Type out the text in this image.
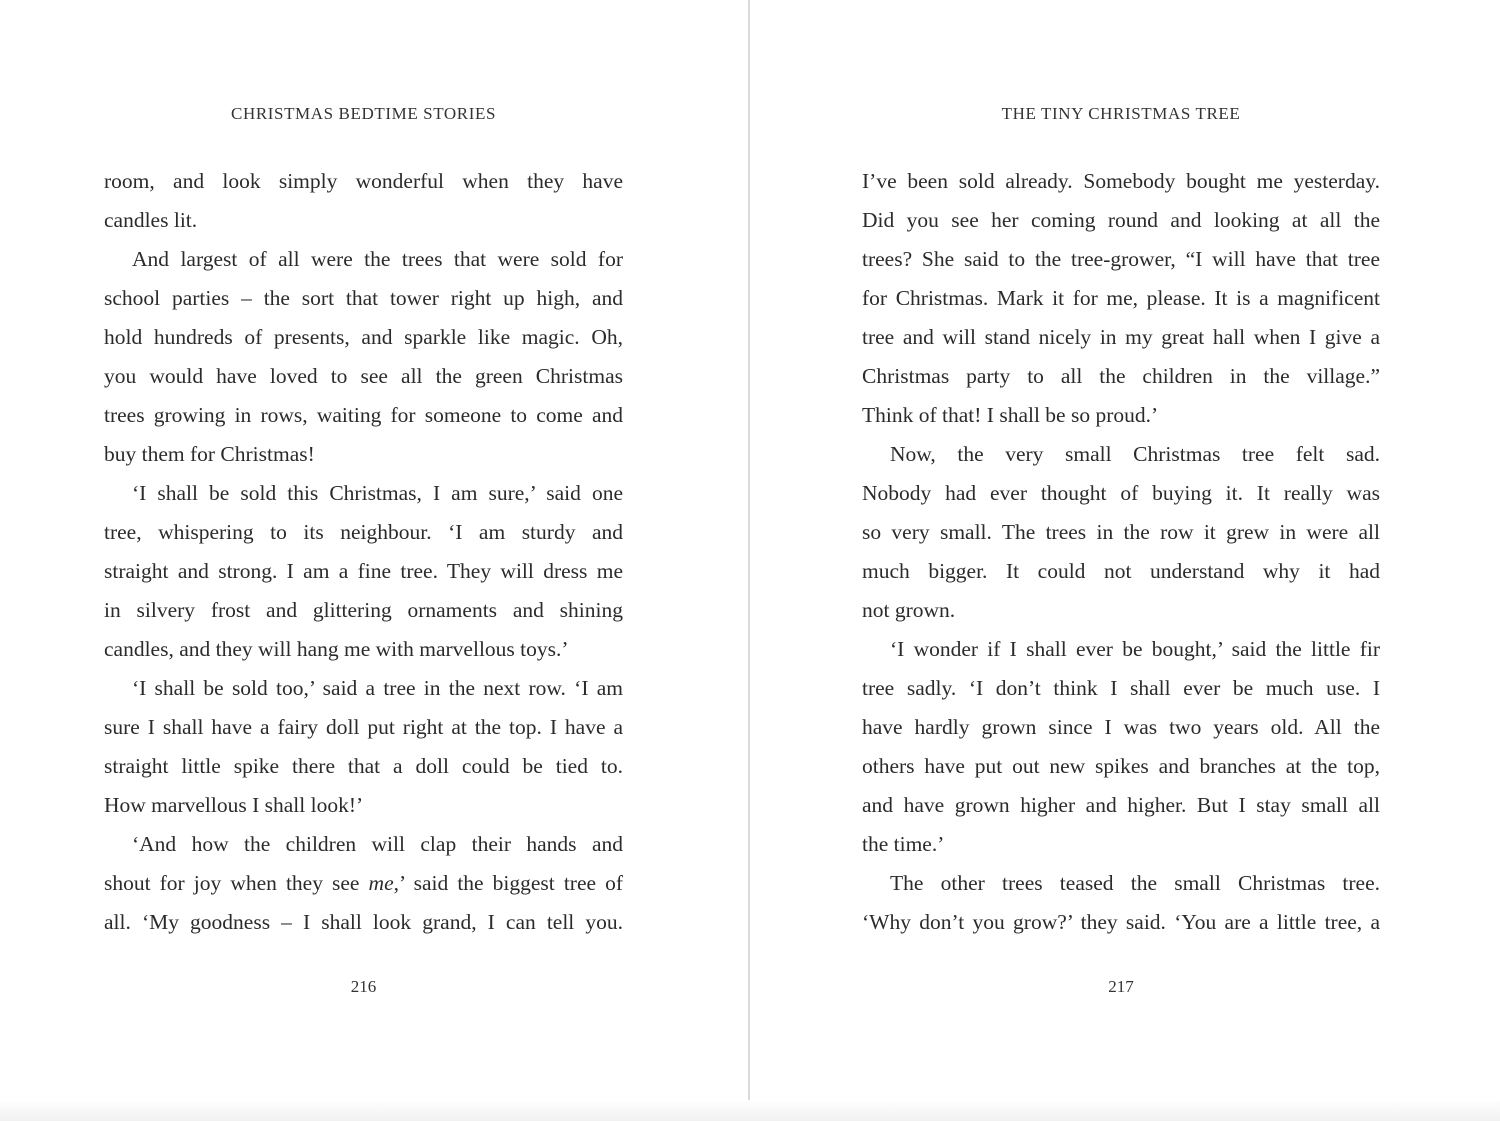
CHRISTMAS BEDTIME STORIES

room, and look simply wonderful when they have

candles lit.

And largest of all were the trees that were sold for

school parties – the sort that tower right up high, and

hold hundreds of presents, and sparkle like magic. Oh,

you would have loved to see all the green Christmas

trees growing in rows, waiting for someone to come and

buy them for Christmas!

‘I shall be sold this Christmas, I am sure,’ said one

tree, whispering to its neighbour. ‘I am sturdy and

straight and strong. I am a fine tree. They will dress me

in silvery frost and glittering ornaments and shining

candles, and they will hang me with marvellous toys.’

‘I shall be sold too,’ said a tree in the next row. ‘I am

sure I shall have a fairy doll put right at the top. I have a

straight little spike there that a doll could be tied to.

How marvellous I shall look!’

‘And how the children will clap their hands and

shout for joy when they see me,’ said the biggest tree of

all. ‘My goodness – I shall look grand, I can tell you.

216
THE TINY CHRISTMAS TREE

I’ve been sold already. Somebody bought me yesterday.

Did you see her coming round and looking at all the

trees? She said to the tree-grower, “I will have that tree

for Christmas. Mark it for me, please. It is a magnificent

tree and will stand nicely in my great hall when I give a

Christmas party to all the children in the village.”

Think of that! I shall be so proud.’

Now, the very small Christmas tree felt sad.

Nobody had ever thought of buying it. It really was

so very small. The trees in the row it grew in were all

much bigger. It could not understand why it had

not grown.

‘I wonder if I shall ever be bought,’ said the little fir

tree sadly. ‘I don’t think I shall ever be much use. I

have hardly grown since I was two years old. All the

others have put out new spikes and branches at the top,

and have grown higher and higher. But I stay small all

the time.’

The other trees teased the small Christmas tree.

‘Why don’t you grow?’ they said. ‘You are a little tree, a

217
